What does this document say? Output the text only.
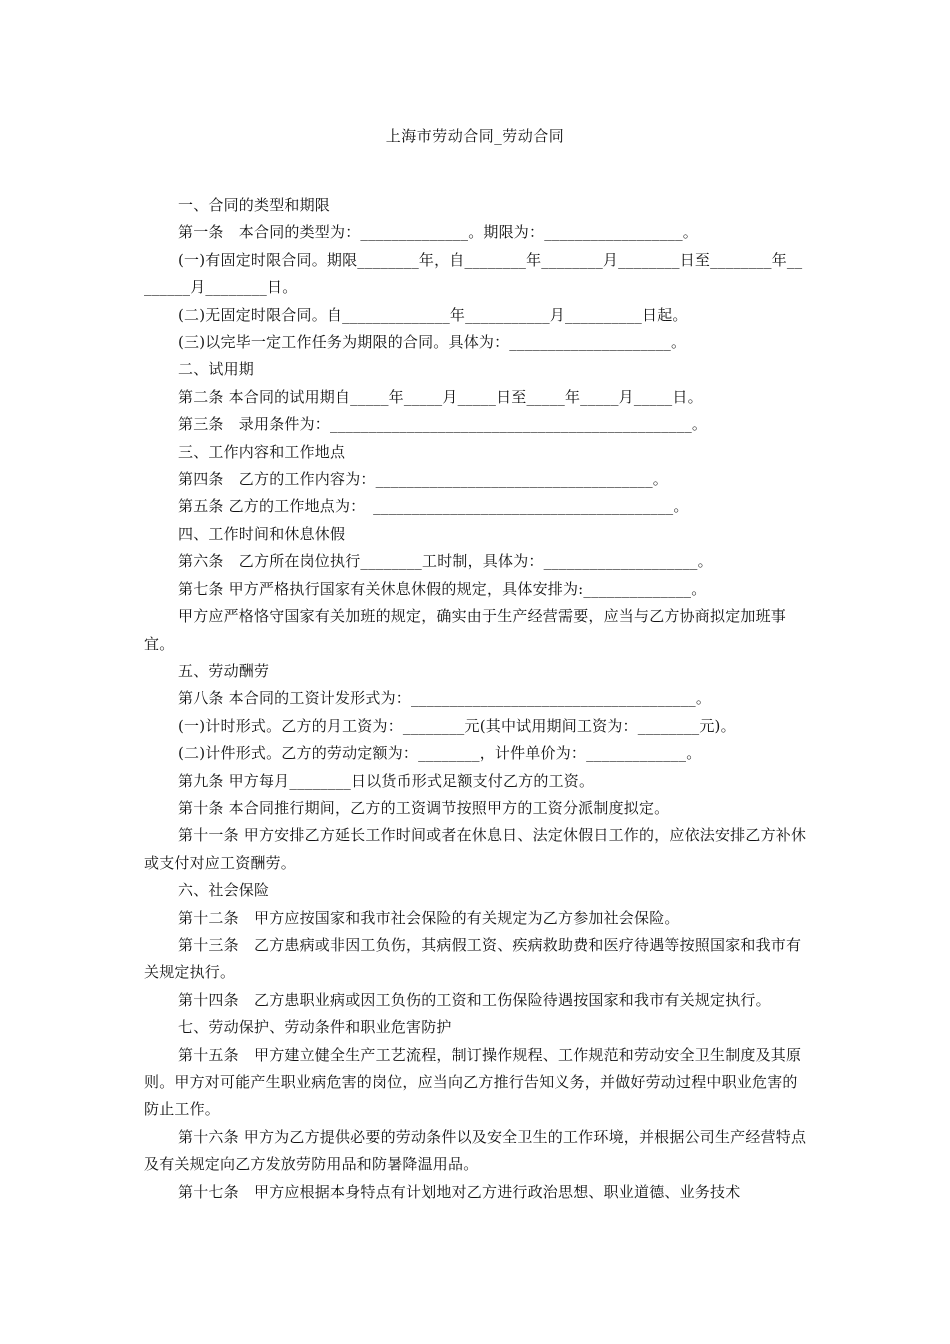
上海市劳动合同_劳动合同

一、合同的类型和期限

第一条　本合同的类型为：______________。期限为：__________________。

(一)有固定时限合同。期限________年，自________年________月________日至________年________月________日。

(二)无固定时限合同。自______________年___________月__________日起。

(三)以完毕一定工作任务为期限的合同。具体为：_____________________。

二、试用期

第二条 本合同的试用期自_____年_____月_____日至_____年_____月_____日。

第三条　录用条件为：_______________________________________________。

三、工作内容和工作地点

第四条　乙方的工作内容为：____________________________________。

第五条 乙方的工作地点为：　_______________________________________。

四、工作时间和休息休假

第六条　乙方所在岗位执行________工时制，具体为：____________________。

第七条 甲方严格执行国家有关休息休假的规定，具体安排为:______________。

甲方应严格恪守国家有关加班的规定，确实由于生产经营需要，应当与乙方协商拟定加班事宜。

五、劳动酬劳

第八条 本合同的工资计发形式为：_____________________________________。

(一)计时形式。乙方的月工资为：________元(其中试用期间工资为：________元)。

(二)计件形式。乙方的劳动定额为：________，计件单价为：_____________。

第九条 甲方每月________日以货币形式足额支付乙方的工资。

第十条 本合同推行期间，乙方的工资调节按照甲方的工资分派制度拟定。

第十一条 甲方安排乙方延长工作时间或者在休息日、法定休假日工作的，应依法安排乙方补休或支付对应工资酬劳。

六、社会保险

第十二条　甲方应按国家和我市社会保险的有关规定为乙方参加社会保险。

第十三条　乙方患病或非因工负伤，其病假工资、疾病救助费和医疗待遇等按照国家和我市有关规定执行。

第十四条　乙方患职业病或因工负伤的工资和工伤保险待遇按国家和我市有关规定执行。

七、劳动保护、劳动条件和职业危害防护

第十五条　甲方建立健全生产工艺流程，制订操作规程、工作规范和劳动安全卫生制度及其原则。甲方对可能产生职业病危害的岗位，应当向乙方推行告知义务，并做好劳动过程中职业危害的防止工作。

第十六条 甲方为乙方提供必要的劳动条件以及安全卫生的工作环境，并根据公司生产经营特点及有关规定向乙方发放劳防用品和防暑降温用品。

第十七条　甲方应根据本身特点有计划地对乙方进行政治思想、职业道德、业务技术
